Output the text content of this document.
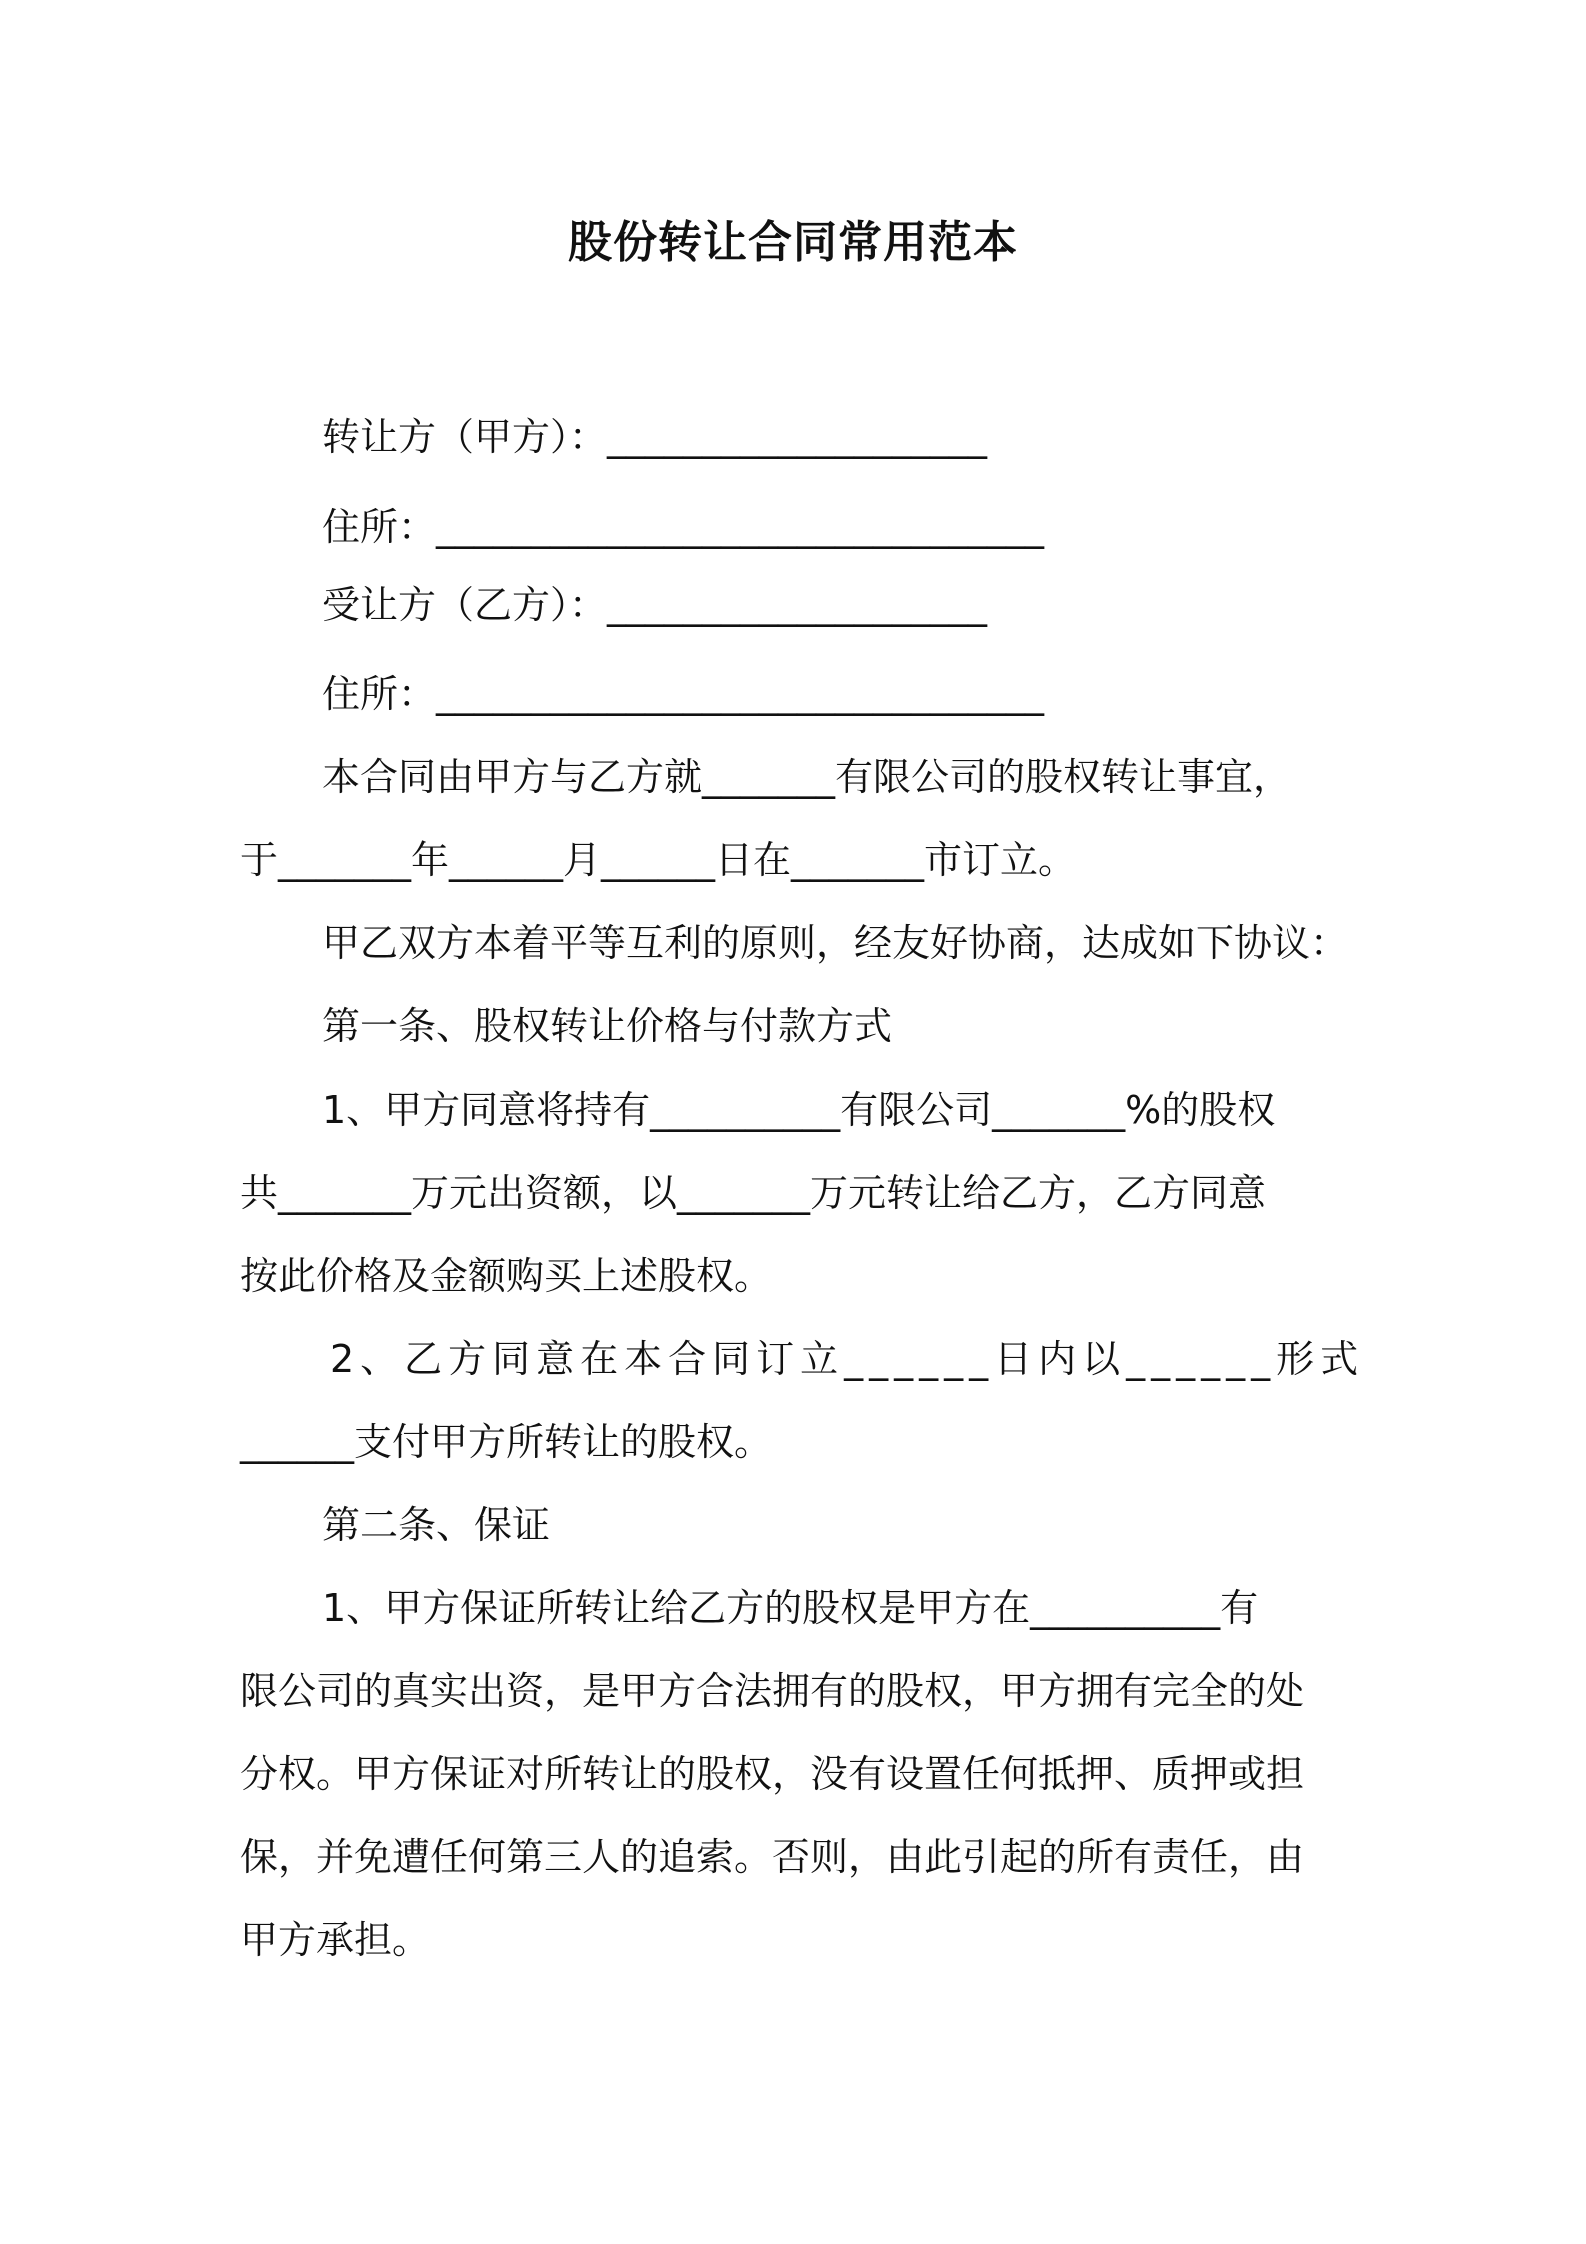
股份转让合同常用范本
转让方（甲方）：____________________
住所：________________________________
受让方（乙方）：____________________
住所：________________________________
本合同由甲方与乙方就_______有限公司的股权转让事宜，
于_______年______月______日在_______市订立。
甲乙双方本着平等互利的原则，经友好协商，达成如下协议：
第一条、股权转让价格与付款方式
1、甲方同意将持有__________有限公司_______%的股权
共_______万元出资额，以_______万元转让给乙方，乙方同意
按此价格及金额购买上述股权。
2、乙方同意在本合同订立______日内以______形式
______支付甲方所转让的股权。
第二条、保证
1、甲方保证所转让给乙方的股权是甲方在__________有
限公司的真实出资，是甲方合法拥有的股权，甲方拥有完全的处
分权。甲方保证对所转让的股权，没有设置任何抵押、质押或担
保，并免遭任何第三人的追索。否则，由此引起的所有责任，由
甲方承担。
